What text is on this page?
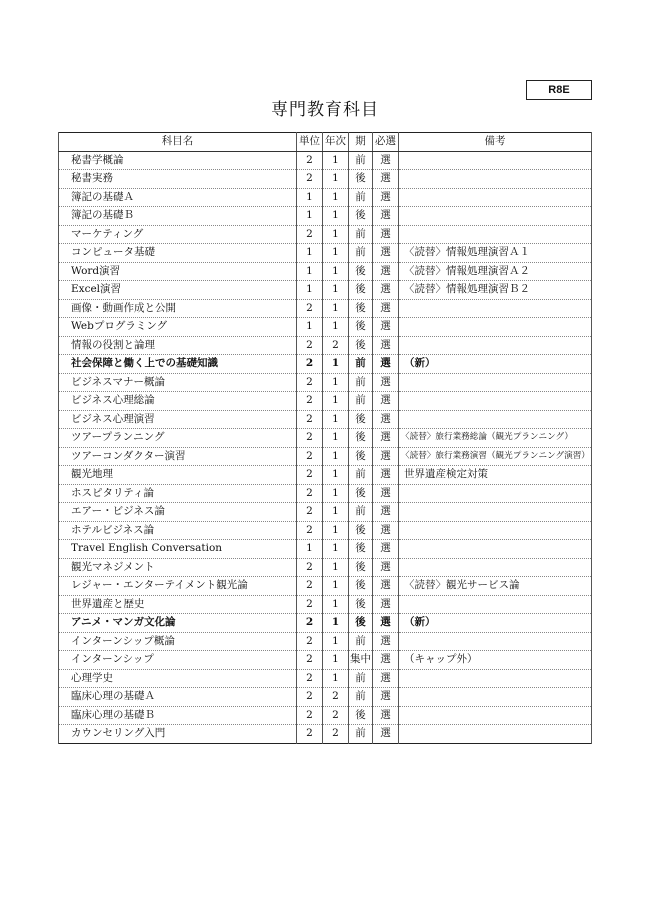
R8E
専門教育科目
科目名	単位	年次	期	必選	備考
秘書学概論	2	1	前	選	
秘書実務	2	1	後	選	
簿記の基礎Ａ	1	1	前	選	
簿記の基礎Ｂ	1	1	後	選	
マーケティング	2	1	前	選	
コンピュータ基礎	1	1	前	選	〈読替〉情報処理演習Ａ１
Word演習	1	1	後	選	〈読替〉情報処理演習Ａ２
Excel演習	1	1	後	選	〈読替〉情報処理演習Ｂ２
画像・動画作成と公開	2	1	後	選	
Webプログラミング	1	1	後	選	
情報の役割と論理	2	2	後	選	
社会保障と働く上での基礎知識	2	1	前	選	（新）
ビジネスマナー概論	2	1	前	選	
ビジネス心理総論	2	1	前	選	
ビジネス心理演習	2	1	後	選	
ツアープランニング	2	1	後	選	〈読替〉旅行業務総論（観光プランニング）
ツアーコンダクター演習	2	1	後	選	〈読替〉旅行業務演習（観光プランニング演習）
観光地理	2	1	前	選	世界遺産検定対策
ホスピタリティ論	2	1	後	選	
エアー・ビジネス論	2	1	前	選	
ホテルビジネス論	2	1	後	選	
Travel English Conversation	1	1	後	選	
観光マネジメント	2	1	後	選	
レジャー・エンターテイメント観光論	2	1	後	選	〈読替〉観光サービス論
世界遺産と歴史	2	1	後	選	
アニメ・マンガ文化論	2	1	後	選	（新）
インターンシップ概論	2	1	前	選	
インターンシップ	2	1	集中	選	（キャップ外）
心理学史	2	1	前	選	
臨床心理の基礎Ａ	2	2	前	選	
臨床心理の基礎Ｂ	2	2	後	選	
カウンセリング入門	2	2	前	選	
